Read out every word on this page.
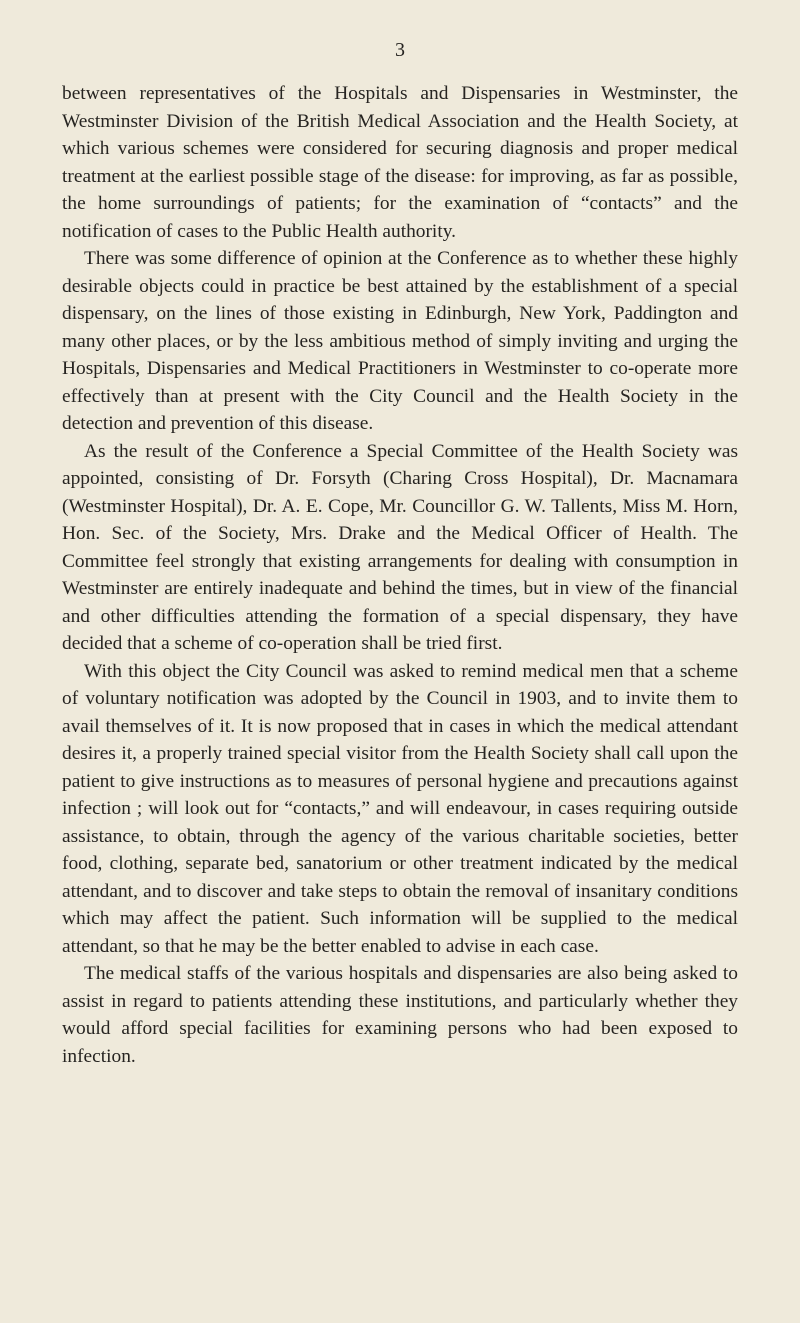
3

between representatives of the Hospitals and Dispensaries in Westminster, the Westminster Division of the British Medical Association and the Health Society, at which various schemes were considered for securing diagnosis and proper medical treatment at the earliest possible stage of the disease: for improving, as far as possible, the home surroundings of patients; for the examination of “contacts” and the notification of cases to the Public Health authority.

There was some difference of opinion at the Conference as to whether these highly desirable objects could in practice be best attained by the establishment of a special dispensary, on the lines of those existing in Edinburgh, New York, Paddington and many other places, or by the less ambitious method of simply inviting and urging the Hospitals, Dispensaries and Medical Practitioners in Westminster to co-operate more effectively than at present with the City Council and the Health Society in the detection and prevention of this disease.

As the result of the Conference a Special Committee of the Health Society was appointed, consisting of Dr. Forsyth (Charing Cross Hospital), Dr. Macnamara (Westminster Hospital), Dr. A. E. Cope, Mr. Councillor G. W. Tallents, Miss M. Horn, Hon. Sec. of the Society, Mrs. Drake and the Medical Officer of Health. The Committee feel strongly that existing arrangements for dealing with consumption in Westminster are entirely inadequate and behind the times, but in view of the financial and other difficulties attending the formation of a special dispensary, they have decided that a scheme of co-operation shall be tried first.

With this object the City Council was asked to remind medical men that a scheme of voluntary notification was adopted by the Council in 1903, and to invite them to avail themselves of it. It is now proposed that in cases in which the medical attendant desires it, a properly trained special visitor from the Health Society shall call upon the patient to give instructions as to measures of personal hygiene and precautions against infection ; will look out for “contacts,” and will endeavour, in cases requiring outside assistance, to obtain, through the agency of the various charitable societies, better food, clothing, separate bed, sanatorium or other treatment indicated by the medical attendant, and to discover and take steps to obtain the removal of insanitary conditions which may affect the patient. Such information will be supplied to the medical attendant, so that he may be the better enabled to advise in each case.

The medical staffs of the various hospitals and dispensaries are also being asked to assist in regard to patients attending these institutions, and particularly whether they would afford special facilities for examining persons who had been exposed to infection.
